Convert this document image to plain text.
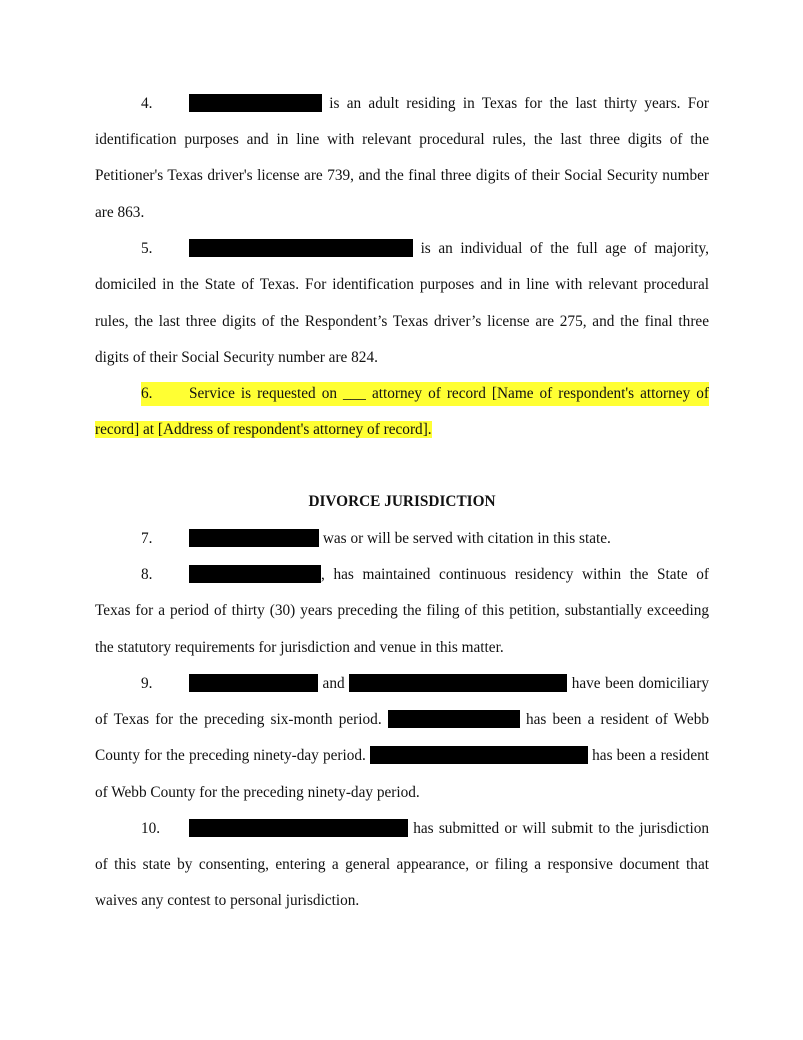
4.	is an adult residing in Texas for the last thirty years. For
identification purposes and in line with relevant procedural rules, the last three digits of the
Petitioner's Texas driver's license are 739, and the final three digits of their Social Security number
are 863.
5.	is an individual of the full age of majority,
domiciled in the State of Texas. For identification purposes and in line with relevant procedural
rules, the last three digits of the Respondent’s Texas driver’s license are 275, and the final three
digits of their Social Security number are 824.
6. Service is requested on ___ attorney of record [Name of respondent's attorney of
record] at [Address of respondent's attorney of record].
DIVORCE JURISDICTION
7.	was or will be served with citation in this state.
8.	, has maintained continuous residency within the State of
Texas for a period of thirty (30) years preceding the filing of this petition, substantially exceeding
the statutory requirements for jurisdiction and venue in this matter.
9.	and	have been domiciliary
of Texas for the preceding six-month period.	has been a resident of Webb
County for the preceding ninety-day period.	has been a resident
of Webb County for the preceding ninety-day period.
10.	has submitted or will submit to the jurisdiction
of this state by consenting, entering a general appearance, or filing a responsive document that
waives any contest to personal jurisdiction.
